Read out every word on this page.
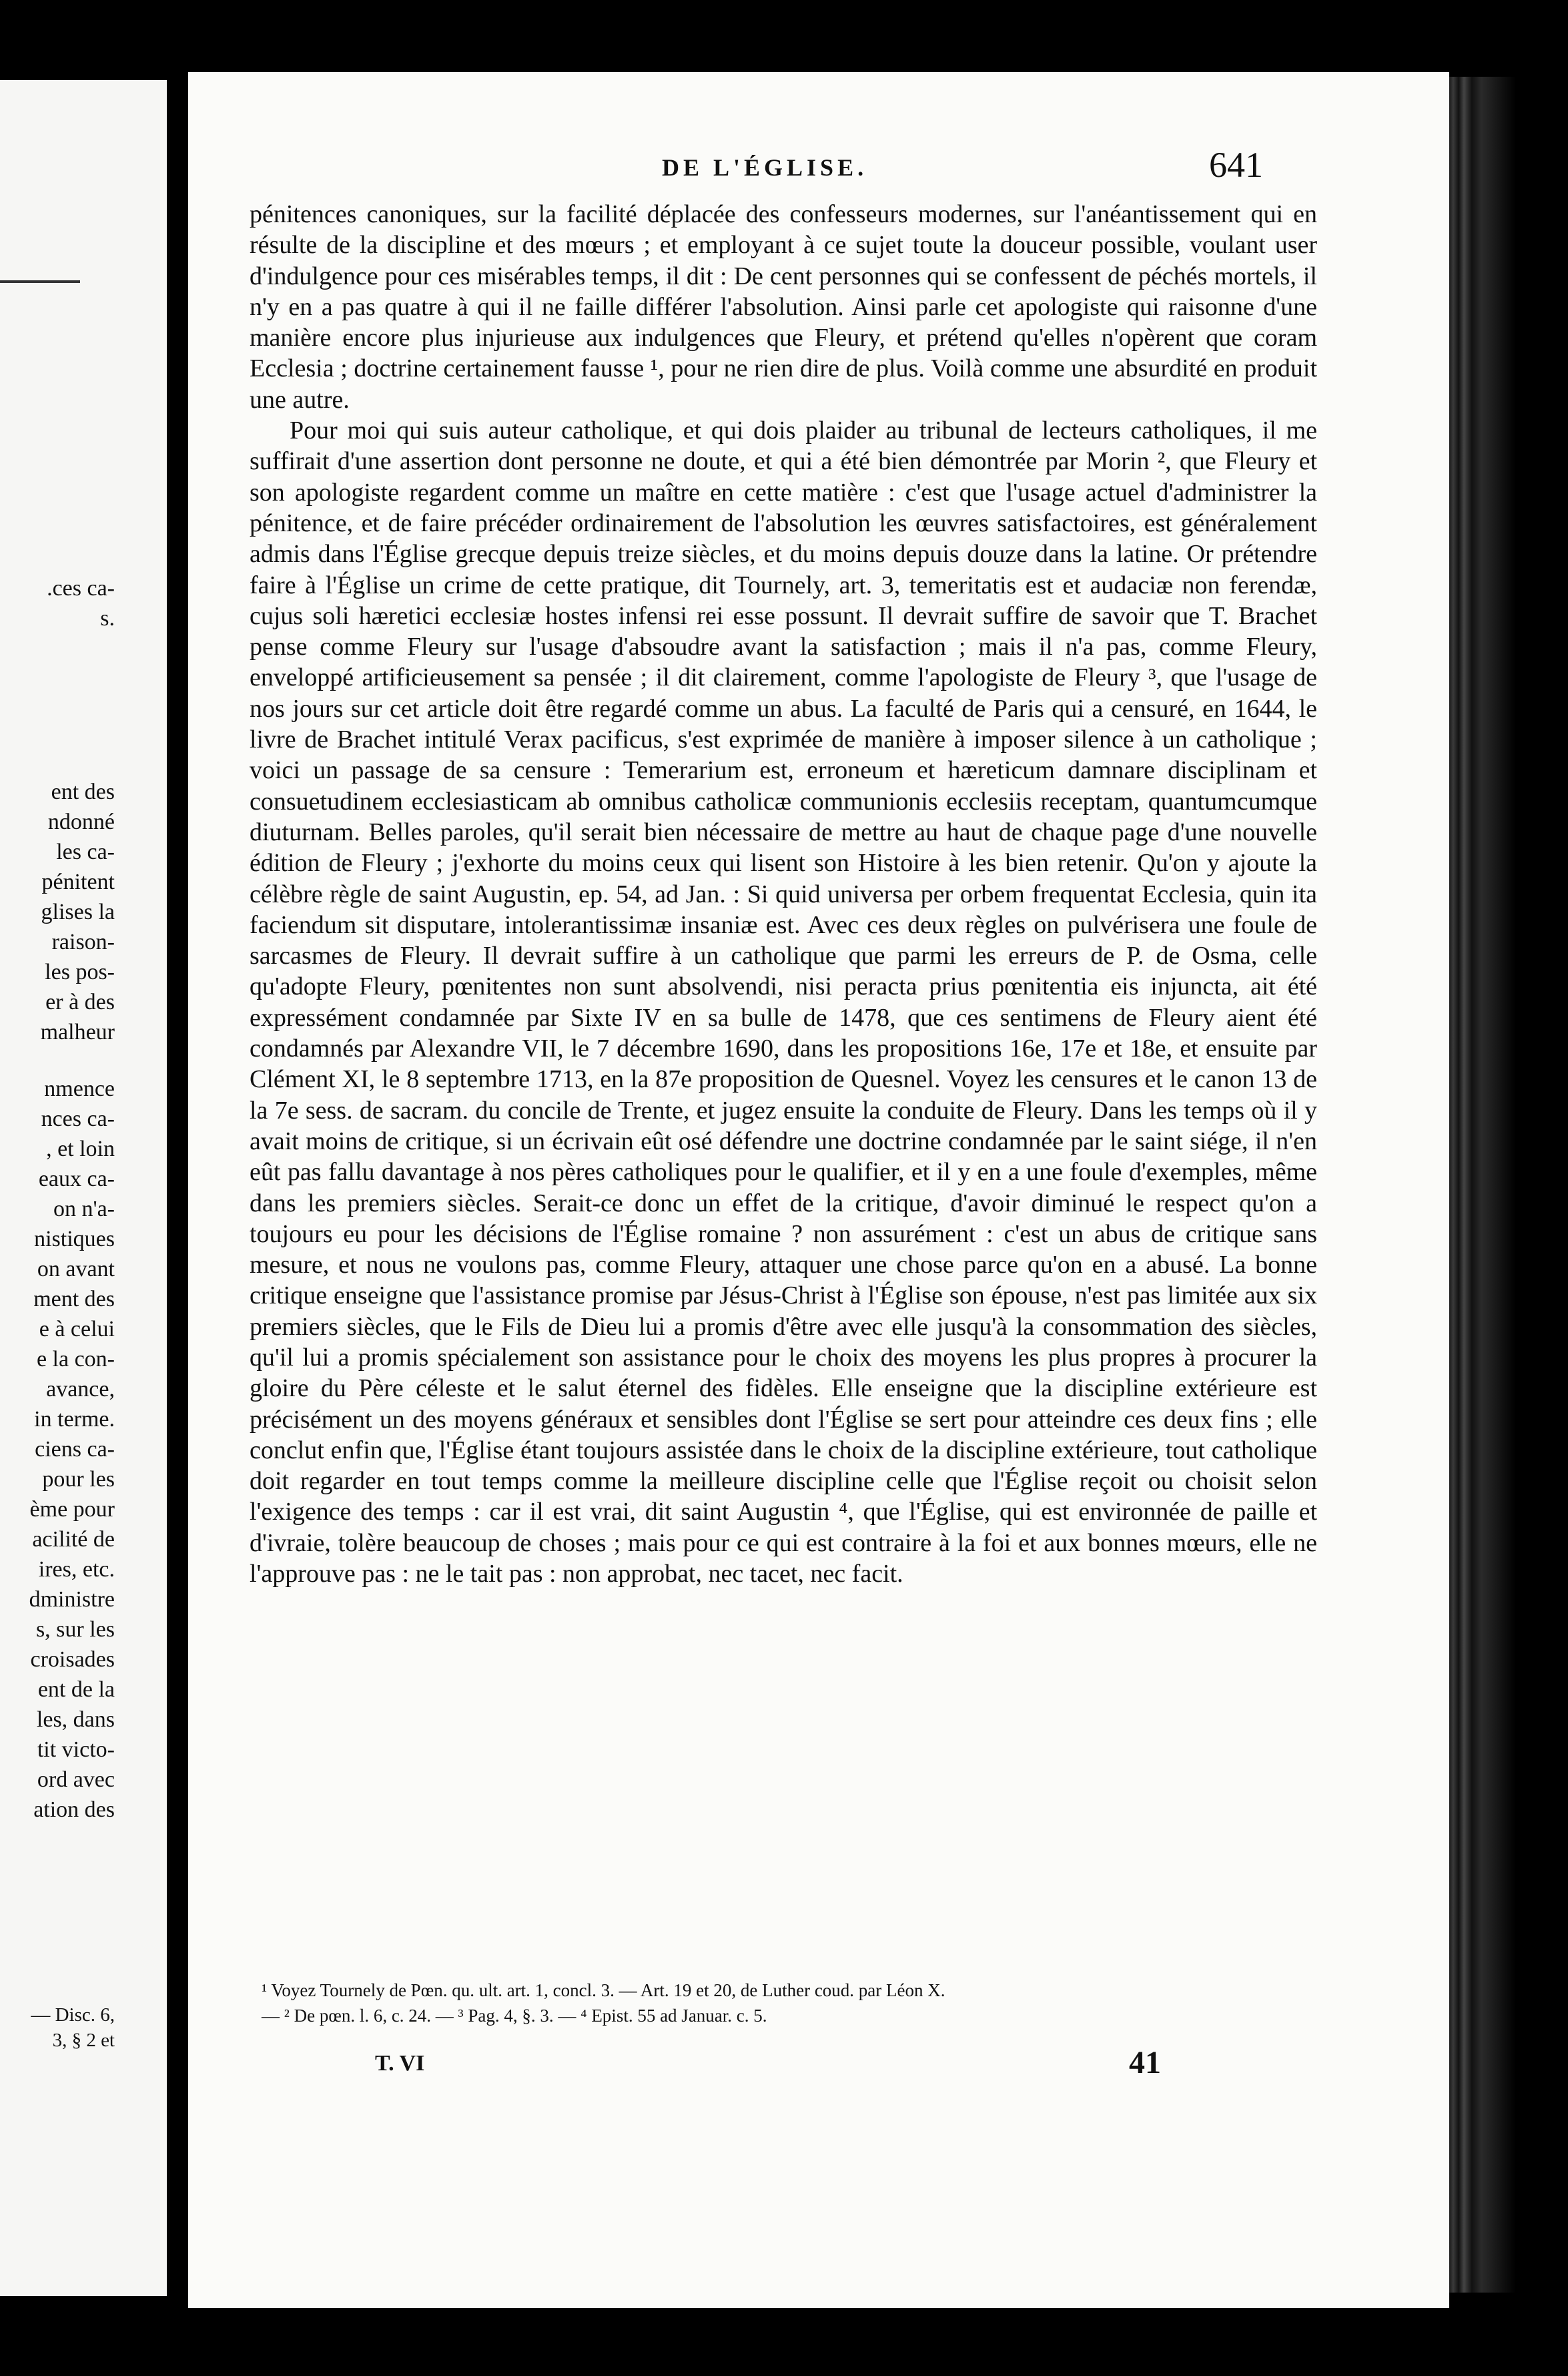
.ces ca-
s.
ent des
ndonné
les ca-
pénitent
glises la
raison-
les pos-
er à des
malheur
nmence
nces ca-
, et loin
eaux ca-
on n'a-
nistiques
on avant
ment des
e à celui
e la con-
avance,
in terme.
ciens ca-
pour les
ème pour
acilité de
ires, etc.
dministre
s, sur les
croisades
ent de la
les, dans
tit victo-
ord avec
ation des
— Disc. 6,
3, § 2 et
DE L'ÉGLISE.	641

pénitences canoniques, sur la facilité déplacée des confesseurs modernes, sur l'anéantissement qui en résulte de la discipline et des mœurs ; et employant à ce sujet toute la douceur possible, voulant user d'indulgence pour ces misérables temps, il dit : De cent personnes qui se confessent de péchés mortels, il n'y en a pas quatre à qui il ne faille différer l'absolution. Ainsi parle cet apologiste qui raisonne d'une manière encore plus injurieuse aux indulgences que Fleury, et prétend qu'elles n'opèrent que coram Ecclesia ; doctrine certainement fausse ¹, pour ne rien dire de plus. Voilà comme une absurdité en produit une autre.

Pour moi qui suis auteur catholique, et qui dois plaider au tribunal de lecteurs catholiques, il me suffirait d'une assertion dont personne ne doute, et qui a été bien démontrée par Morin ², que Fleury et son apologiste regardent comme un maître en cette matière : c'est que l'usage actuel d'administrer la pénitence, et de faire précéder ordinairement de l'absolution les œuvres satisfactoires, est généralement admis dans l'Église grecque depuis treize siècles, et du moins depuis douze dans la latine. Or prétendre faire à l'Église un crime de cette pratique, dit Tournely, art. 3, temeritatis est et audaciæ non ferendæ, cujus soli hæretici ecclesiæ hostes infensi rei esse possunt. Il devrait suffire de savoir que T. Brachet pense comme Fleury sur l'usage d'absoudre avant la satisfaction ; mais il n'a pas, comme Fleury, enveloppé artificieusement sa pensée ; il dit clairement, comme l'apologiste de Fleury ³, que l'usage de nos jours sur cet article doit être regardé comme un abus. La faculté de Paris qui a censuré, en 1644, le livre de Brachet intitulé Verax pacificus, s'est exprimée de manière à imposer silence à un catholique ; voici un passage de sa censure : Temerarium est, erroneum et hæreticum damnare disciplinam et consuetudinem ecclesiasticam ab omnibus catholicæ communionis ecclesiis receptam, quantumcumque diuturnam. Belles paroles, qu'il serait bien nécessaire de mettre au haut de chaque page d'une nouvelle édition de Fleury ; j'exhorte du moins ceux qui lisent son Histoire à les bien retenir. Qu'on y ajoute la célèbre règle de saint Augustin, ep. 54, ad Jan. : Si quid universa per orbem frequentat Ecclesia, quin ita faciendum sit disputare, intolerantissimæ insaniæ est. Avec ces deux règles on pulvérisera une foule de sarcasmes de Fleury. Il devrait suffire à un catholique que parmi les erreurs de P. de Osma, celle qu'adopte Fleury, pœnitentes non sunt absolvendi, nisi peracta prius pœnitentia eis injuncta, ait été expressément condamnée par Sixte IV en sa bulle de 1478, que ces sentimens de Fleury aient été condamnés par Alexandre VII, le 7 décembre 1690, dans les propositions 16e, 17e et 18e, et ensuite par Clément XI, le 8 septembre 1713, en la 87e proposition de Quesnel. Voyez les censures et le canon 13 de la 7e sess. de sacram. du concile de Trente, et jugez ensuite la conduite de Fleury. Dans les temps où il y avait moins de critique, si un écrivain eût osé défendre une doctrine condamnée par le saint siége, il n'en eût pas fallu davantage à nos pères catholiques pour le qualifier, et il y en a une foule d'exemples, même dans les premiers siècles. Serait-ce donc un effet de la critique, d'avoir diminué le respect qu'on a toujours eu pour les décisions de l'Église romaine ? non assurément : c'est un abus de critique sans mesure, et nous ne voulons pas, comme Fleury, attaquer une chose parce qu'on en a abusé. La bonne critique enseigne que l'assistance promise par Jésus-Christ à l'Église son épouse, n'est pas limitée aux six premiers siècles, que le Fils de Dieu lui a promis d'être avec elle jusqu'à la consommation des siècles, qu'il lui a promis spécialement son assistance pour le choix des moyens les plus propres à procurer la gloire du Père céleste et le salut éternel des fidèles. Elle enseigne que la discipline extérieure est précisément un des moyens généraux et sensibles dont l'Église se sert pour atteindre ces deux fins ; elle conclut enfin que, l'Église étant toujours assistée dans le choix de la discipline extérieure, tout catholique doit regarder en tout temps comme la meilleure discipline celle que l'Église reçoit ou choisit selon l'exigence des temps : car il est vrai, dit saint Augustin ⁴, que l'Église, qui est environnée de paille et d'ivraie, tolère beaucoup de choses ; mais pour ce qui est contraire à la foi et aux bonnes mœurs, elle ne l'approuve pas : ne le tait pas : non approbat, nec tacet, nec facit.

¹ Voyez Tournely de Pœn. qu. ult. art. 1, concl. 3. — Art. 19 et 20, de Luther coud. par Léon X.
— ² De pœn. l. 6, c. 24. — ³ Pag. 4, §. 3. — ⁴ Epist. 55 ad Januar. c. 5.
T. VI	41
